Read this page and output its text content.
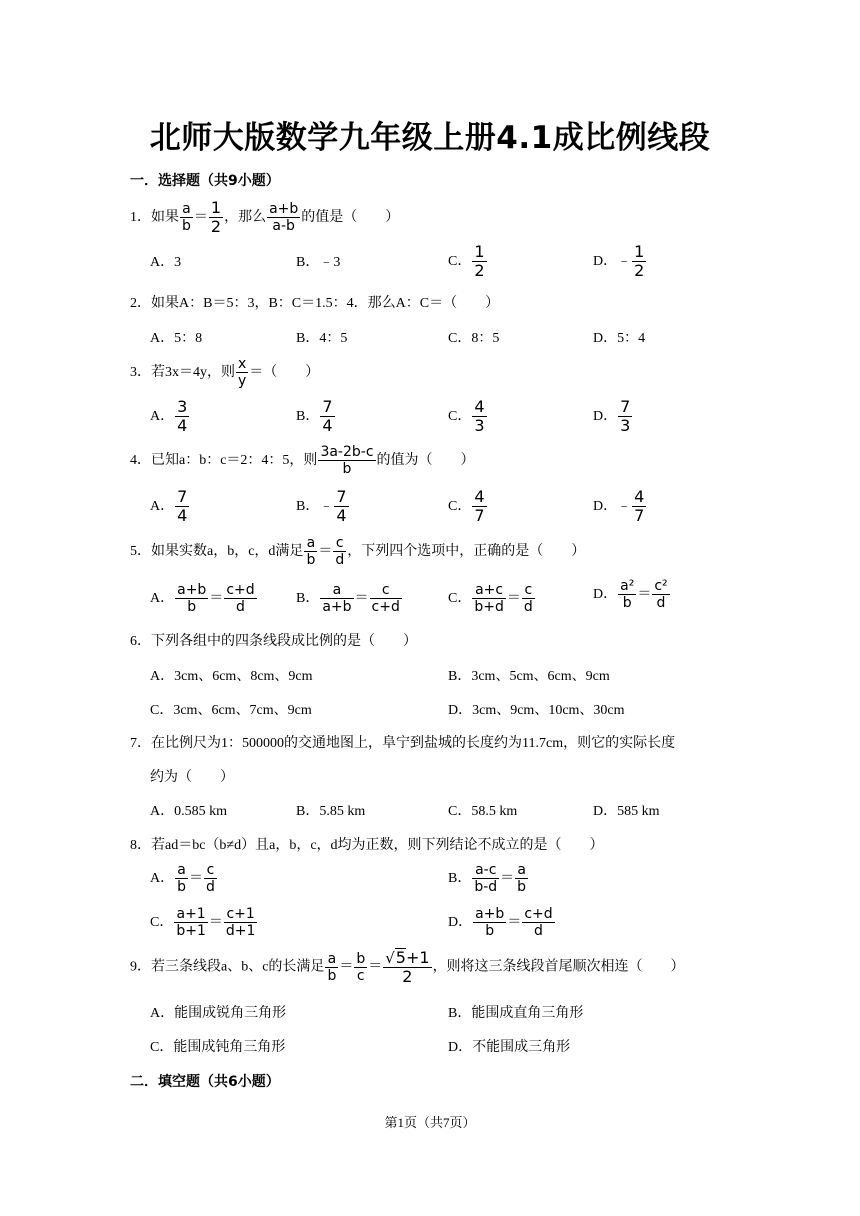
北师大版数学九年级上册4.1成比例线段
一．选择题（共9小题）
1．如果 $\frac{a}{b} = \frac{1}{2}$ ，那么 $\frac{a+b}{a-b}$ 的值是（　　）
A．3	B．﹣3	C． $\frac{1}{2}$	D．﹣ $\frac{1}{2}$
2．如果A：B＝5：3，B：C＝1.5：4．那么A：C＝（　　）
A．5：8	B．4：5	C．8：5	D．5：4
3．若3x＝4y，则 $\frac{x}{y}$ ＝（　　）
A． $\frac{3}{4}$	B． $\frac{7}{4}$	C． $\frac{4}{3}$	D． $\frac{7}{3}$
4．已知a：b：c＝2：4：5，则 $\frac{3a-2b-c}{b}$ 的值为（　　）
A． $\frac{7}{4}$	B．﹣ $\frac{7}{4}$	C． $\frac{4}{7}$	D．﹣ $\frac{4}{7}$
5．如果实数a，b，c，d满足 $\frac{a}{b} = \frac{c}{d}$ ，下列四个选项中，正确的是（　　）
A． $\frac{a+b}{b} = \frac{c+d}{d}$	B． $\frac{a}{a+b} = \frac{c}{c+d}$	C． $\frac{a+c}{b+d} = \frac{c}{d}$	D． $\frac{\text{a²}}{b} = \frac{\text{c²}}{d}$
6．下列各组中的四条线段成比例的是（　　）
A．3cm、6cm、8cm、9cm	B．3cm、5cm、6cm、9cm
C．3cm、6cm、7cm、9cm	D．3cm、9cm、10cm、30cm
7．在比例尺为1：500000的交通地图上，阜宁到盐城的长度约为11.7cm，则它的实际长度
约为（　　）
A．0.585 km	B．5.85 km	C．58.5 km	D．585 km
8．若ad＝bc（b≠d）且a，b，c，d均为正数，则下列结论不成立的是（　　）
A． $\frac{a}{b} = \frac{c}{d}$	B． $\frac{a-c}{b-d} = \frac{a}{b}$
C． $\frac{a+1}{b+1} = \frac{c+1}{d+1}$	D． $\frac{a+b}{b} = \frac{c+d}{d}$
9．若三条线段a、b、c的长满足 $\frac{a}{b} = \frac{b}{c} = \frac{√5+1}{2}$ ，则将这三条线段首尾顺次相连（　　）
A．能围成锐角三角形	B．能围成直角三角形
C．能围成钝角三角形	D．不能围成三角形
二．填空题（共6小题）
第1页（共7页）
